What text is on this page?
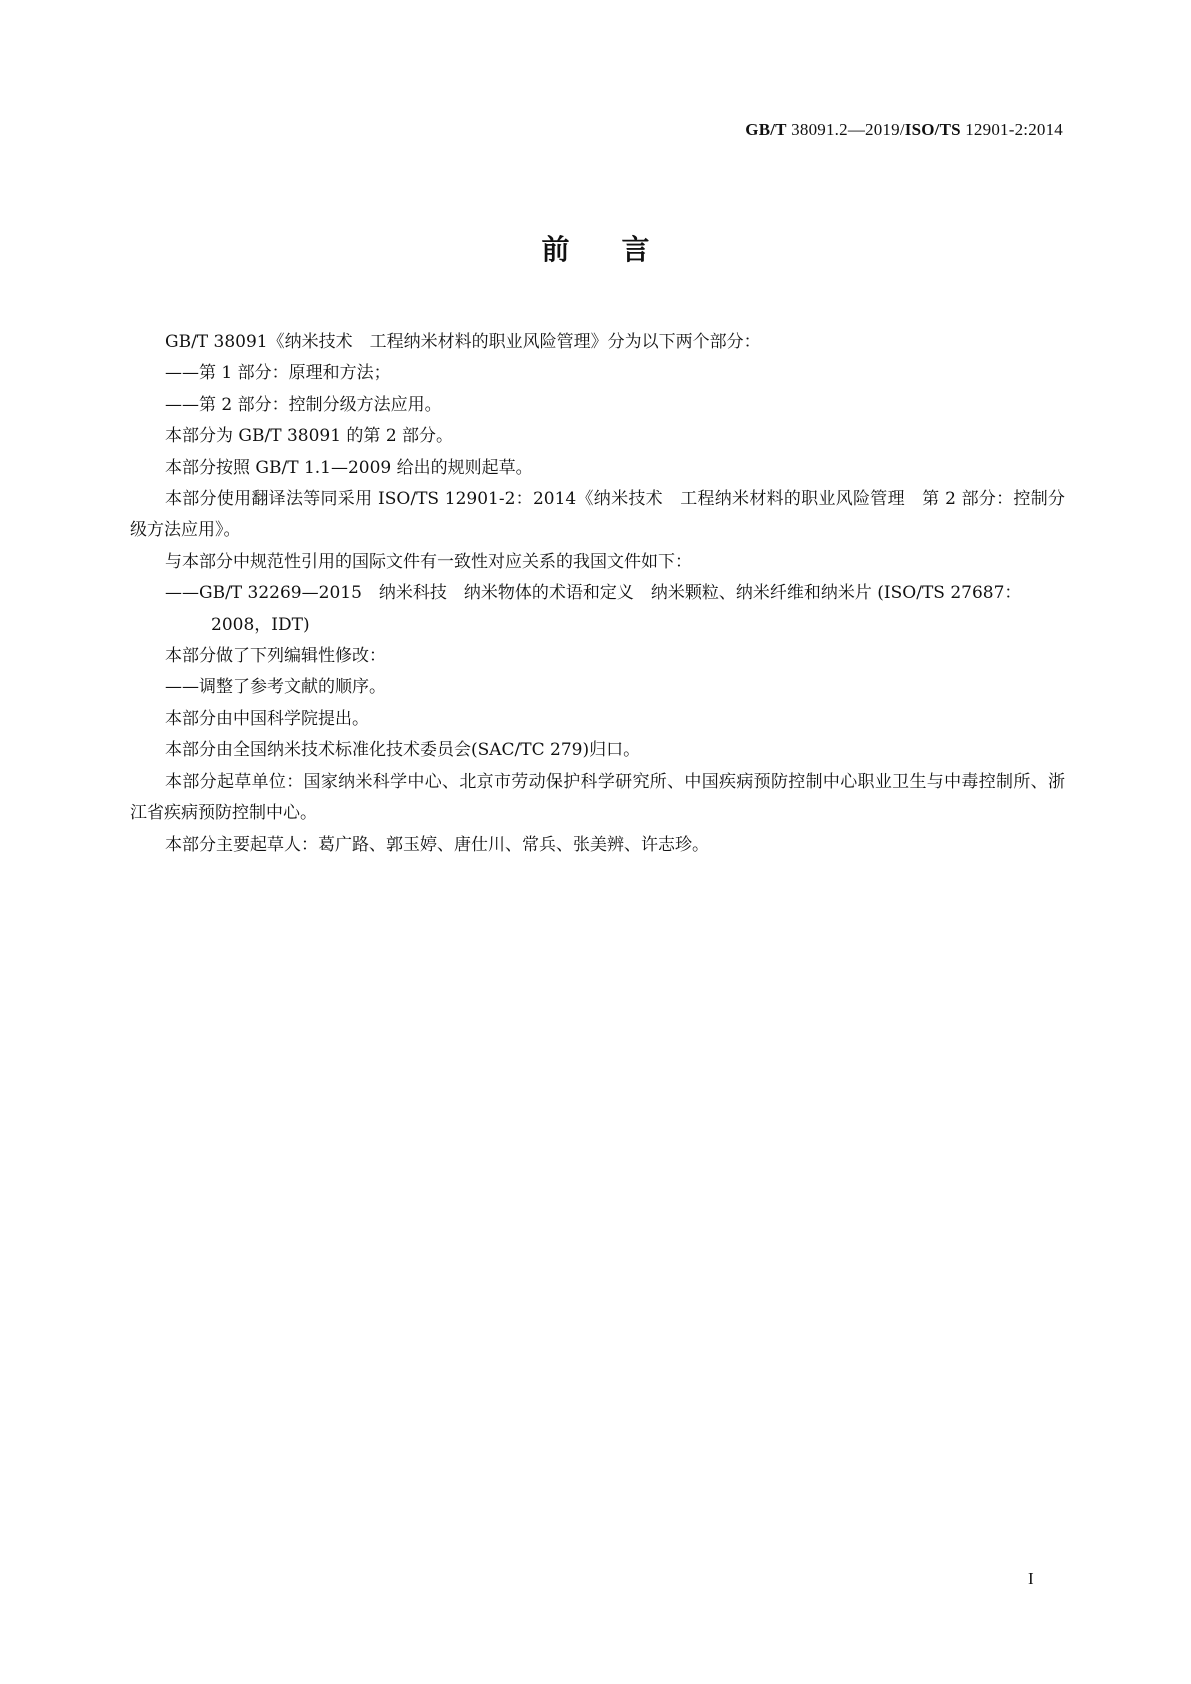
GB/T 38091.2—2019/ISO/TS 12901-2:2014
前言

GB/T 38091《纳米技术　工程纳米材料的职业风险管理》分为以下两个部分：

——第 1 部分：原理和方法；

——第 2 部分：控制分级方法应用。

本部分为 GB/T 38091 的第 2 部分。

本部分按照 GB/T 1.1—2009 给出的规则起草。

本部分使用翻译法等同采用 ISO/TS 12901-2：2014《纳米技术　工程纳米材料的职业风险管理　第 2 部分：控制分级方法应用》。

与本部分中规范性引用的国际文件有一致性对应关系的我国文件如下：

——GB/T 32269—2015　纳米科技　纳米物体的术语和定义　纳米颗粒、纳米纤维和纳米片 (ISO/TS 27687：2008，IDT)

本部分做了下列编辑性修改：

——调整了参考文献的顺序。

本部分由中国科学院提出。

本部分由全国纳米技术标准化技术委员会(SAC/TC 279)归口。

本部分起草单位：国家纳米科学中心、北京市劳动保护科学研究所、中国疾病预防控制中心职业卫生与中毒控制所、浙江省疾病预防控制中心。

本部分主要起草人：葛广路、郭玉婷、唐仕川、常兵、张美辨、许志珍。

I
